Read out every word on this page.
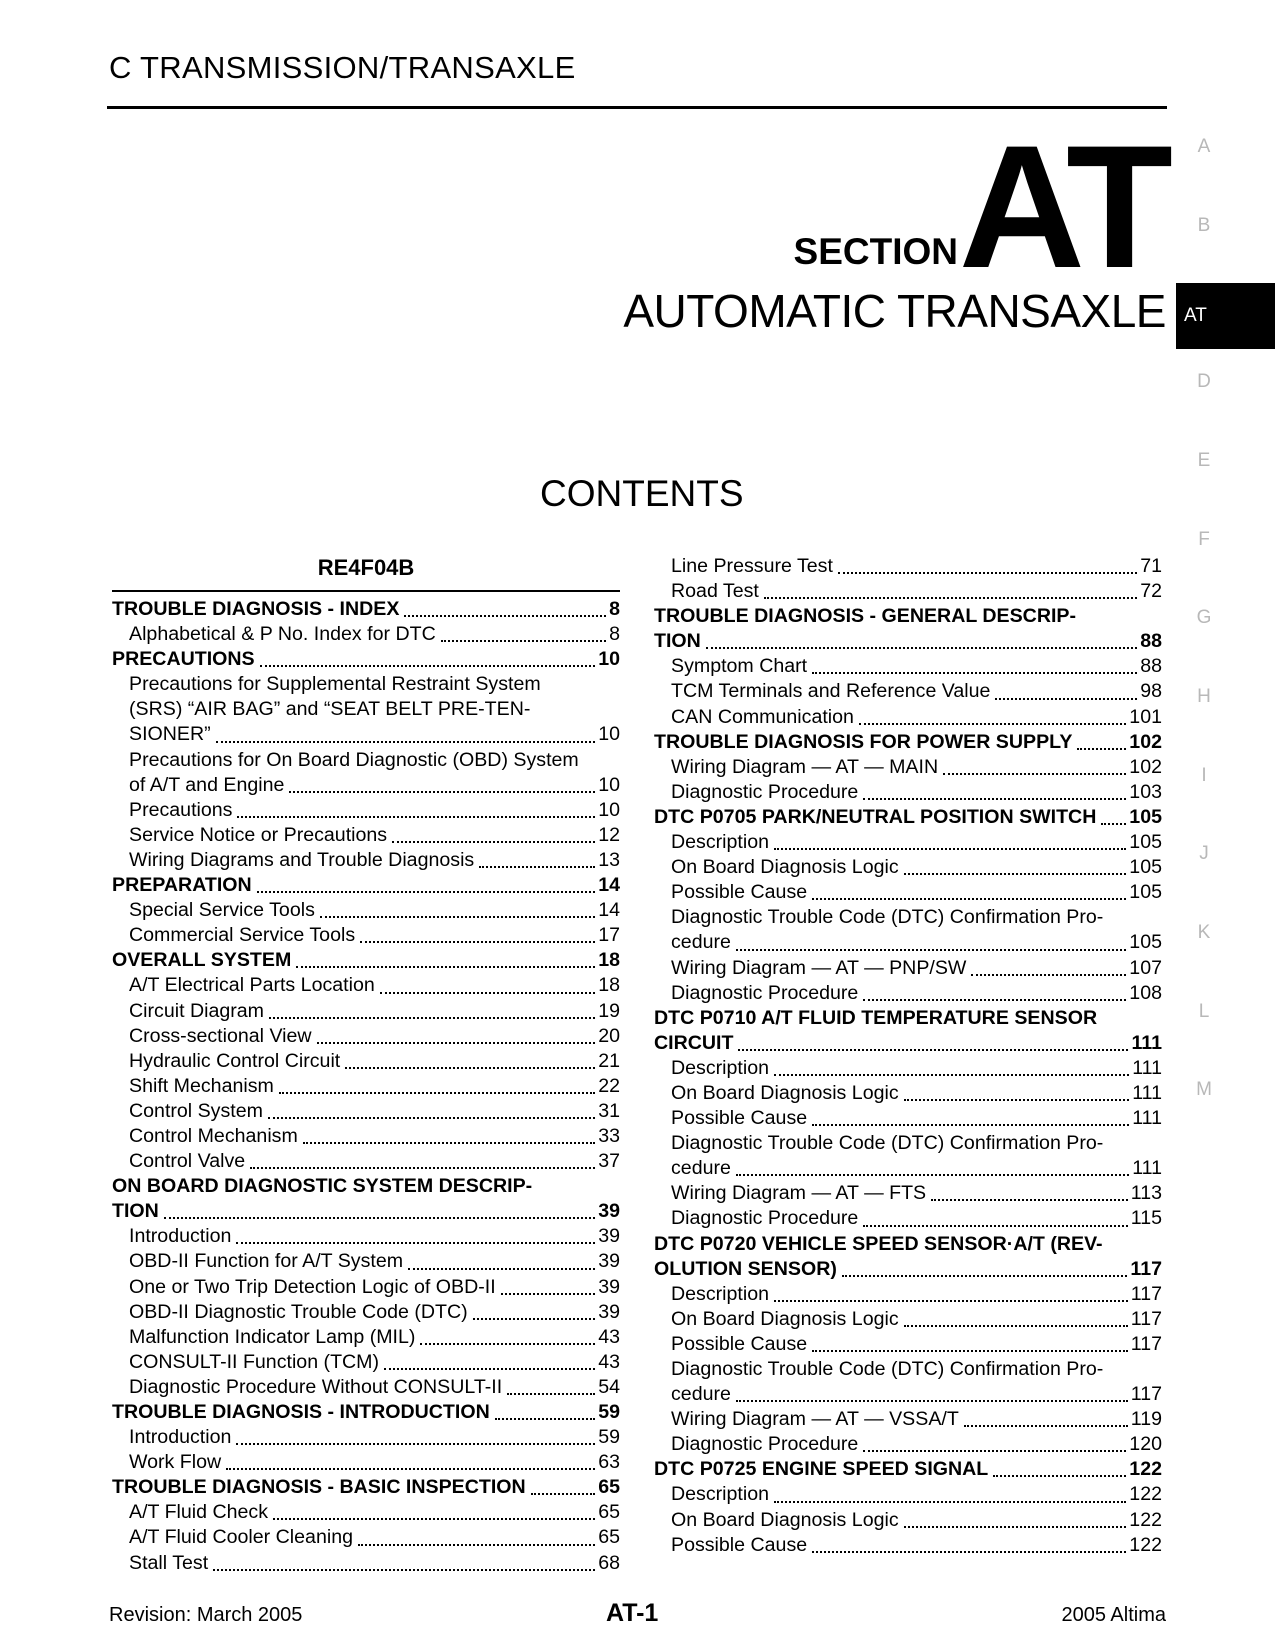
C TRANSMISSION/TRANSAXLE
SECTION AT
AUTOMATIC TRANSAXLE
A
B
D
E
F
G
H
I
J
K
L
M
AT
CONTENTS
RE4F04B
TROUBLE DIAGNOSIS - INDEX	8
Alphabetical & P No. Index for DTC	8
PRECAUTIONS	10
Precautions for Supplemental Restraint System
(SRS) “AIR BAG” and “SEAT BELT PRE-TEN-
SIONER”	10
Precautions for On Board Diagnostic (OBD) System
of A/T and Engine	10
Precautions	10
Service Notice or Precautions	12
Wiring Diagrams and Trouble Diagnosis	13
PREPARATION	14
Special Service Tools	14
Commercial Service Tools	17
OVERALL SYSTEM	18
A/T Electrical Parts Location	18
Circuit Diagram	19
Cross-sectional View	20
Hydraulic Control Circuit	21
Shift Mechanism	22
Control System	31
Control Mechanism	33
Control Valve	37
ON BOARD DIAGNOSTIC SYSTEM DESCRIP-
TION	39
Introduction	39
OBD-II Function for A/T System	39
One or Two Trip Detection Logic of OBD-II	39
OBD-II Diagnostic Trouble Code (DTC)	39
Malfunction Indicator Lamp (MIL)	43
CONSULT-II Function (TCM)	43
Diagnostic Procedure Without CONSULT-II	54
TROUBLE DIAGNOSIS - INTRODUCTION	59
Introduction	59
Work Flow	63
TROUBLE DIAGNOSIS - BASIC INSPECTION	65
A/T Fluid Check	65
A/T Fluid Cooler Cleaning	65
Stall Test	68
Line Pressure Test	71
Road Test	72
TROUBLE DIAGNOSIS - GENERAL DESCRIP-
TION	88
Symptom Chart	88
TCM Terminals and Reference Value	98
CAN Communication	101
TROUBLE DIAGNOSIS FOR POWER SUPPLY	102
Wiring Diagram — AT — MAIN	102
Diagnostic Procedure	103
DTC P0705 PARK/NEUTRAL POSITION SWITCH 105
Description	105
On Board Diagnosis Logic	105
Possible Cause	105
Diagnostic Trouble Code (DTC) Confirmation Pro-
cedure	105
Wiring Diagram — AT — PNP/SW	107
Diagnostic Procedure	108
DTC P0710 A/T FLUID TEMPERATURE SENSOR
CIRCUIT	111
Description	111
On Board Diagnosis Logic	111
Possible Cause	111
Diagnostic Trouble Code (DTC) Confirmation Pro-
cedure	111
Wiring Diagram — AT — FTS	113
Diagnostic Procedure	115
DTC P0720 VEHICLE SPEED SENSOR·A/T (REV-
OLUTION SENSOR)	117
Description	117
On Board Diagnosis Logic	117
Possible Cause	117
Diagnostic Trouble Code (DTC) Confirmation Pro-
cedure	117
Wiring Diagram — AT — VSSA/T	119
Diagnostic Procedure	120
DTC P0725 ENGINE SPEED SIGNAL	122
Description	122
On Board Diagnosis Logic	122
Possible Cause	122
Revision: March 2005	AT-1	2005 Altima
